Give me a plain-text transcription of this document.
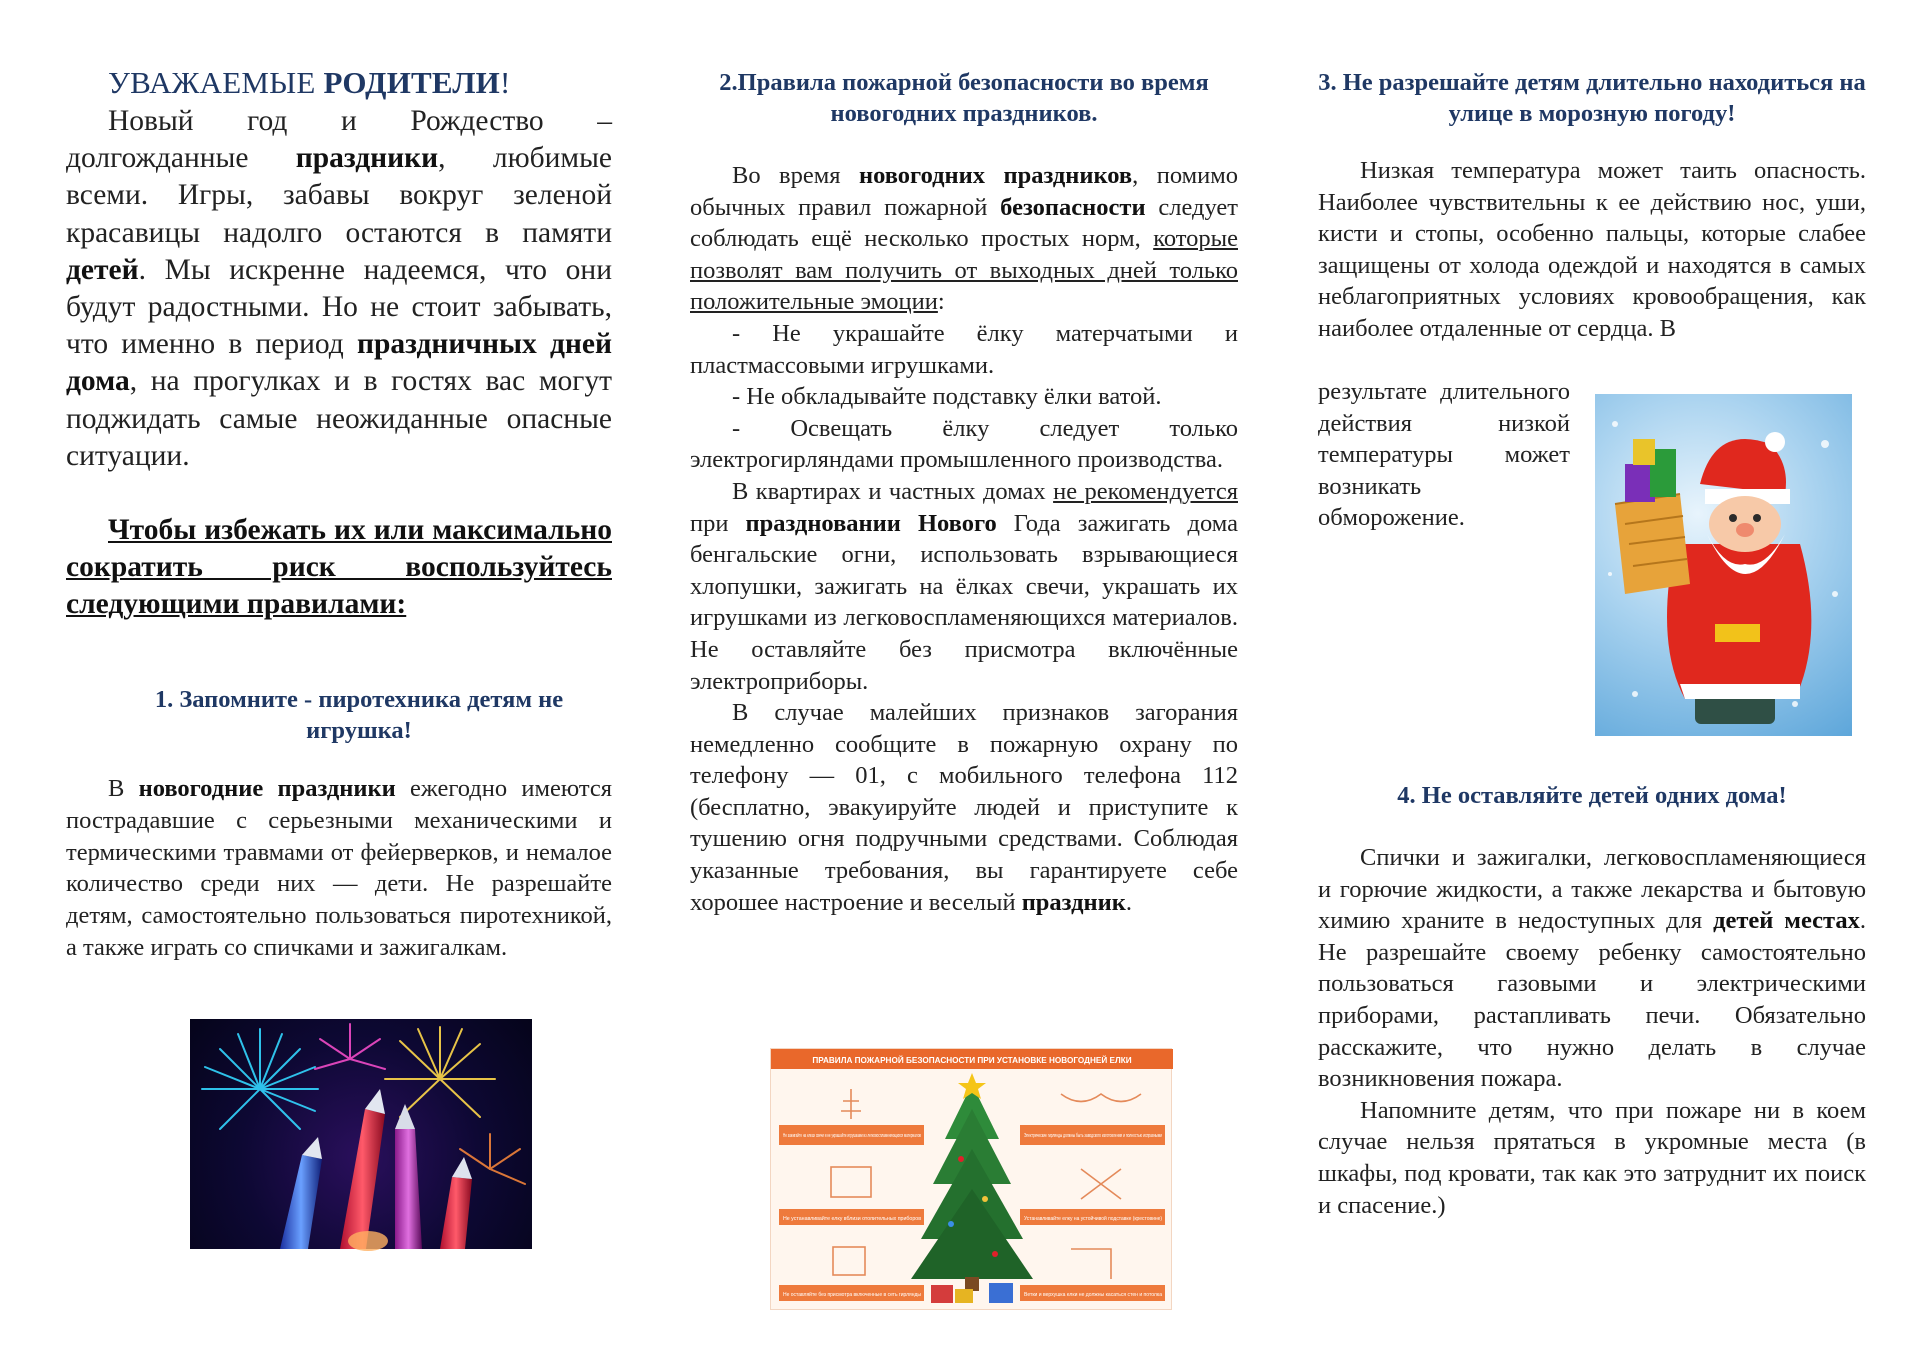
УВАЖАЕМЫЕ РОДИТЕЛИ!

Новый год и Рождество – долгожданные праздники, любимые всеми. Игры, забавы вокруг зеленой красавицы надолго остаются в памяти детей. Мы искренне надеемся, что они будут радостными. Но не стоит забывать, что именно в период праздничных дней дома, на прогулках и в гостях вас могут поджидать самые неожиданные опасные ситуации.

Чтобы избежать их или максимально сократить риск воспользуйтесь следующими правилами:

1. Запомните - пиротехника детям не игрушка!

В новогодние праздники ежегодно имеются пострадавшие с серьезными механическими и термическими травмами от фейерверков, и немалое количество среди них — дети. Не разрешайте детям, самостоятельно пользоваться пиротехникой, а также играть со спичками и зажигалкам.

2.Правила пожарной безопасности во время новогодних праздников.

Во время новогодних праздников, помимо обычных правил пожарной безопасности следует соблюдать ещё несколько простых норм, которые позволят вам получить от выходных дней только положительные эмоции:

- Не украшайте ёлку матерчатыми и пластмассовыми игрушками.

- Не обкладывайте подставку ёлки ватой.

- Освещать ёлку следует только электрогирляндами промышленного производства.

В квартирах и частных домах не рекомендуется при праздновании Нового Года зажигать дома бенгальские огни, использовать взрывающиеся хлопушки, зажигать на ёлках свечи, украшать их игрушками из легковоспламеняющихся материалов. Не оставляйте без присмотра включённые электроприборы.

В случае малейших признаков загорания немедленно сообщите в пожарную охрану по телефону — 01, с мобильного телефона 112 (бесплатно, эвакуируйте людей и приступите к тушению огня подручными средствами. Соблюдая указанные требования, вы гарантируете себе хорошее настроение и веселый праздник.

ПРАВИЛА ПОЖАРНОЙ БЕЗОПАСНОСТИ ПРИ УСТАНОВКЕ НОВОГОДНЕЙ ЕЛКИ
Не зажигайте на елках свечи и не украшайте игрушками из легковоспламеняющихся материалов
Не устанавливайте елку вблизи отопительных приборов
Не оставляйте без присмотра включенные в сеть гирлянды
Электрические гирлянды должны быть заводского изготовления и полностью исправными
Устанавливайте елку на устойчивой подставке (крестовине)
Ветки и верхушка елки не должны касаться стен и потолка
3. Не разрешайте детям длительно находиться на улице в морозную погоду!

Низкая температура может таить опасность. Наиболее чувствительны к ее действию нос, уши, кисти и стопы, особенно пальцы, которые слабее защищены от холода одеждой и находятся в самых неблагоприятных условиях кровообращения, как наиболее отдаленные от сердца. В

результате длительного действия низкой температуры может возникать обморожение.

4. Не оставляйте детей одних дома!

Спички и зажигалки, легковоспламеняющиеся и горючие жидкости, а также лекарства и бытовую химию храните в недоступных для детей местах. Не разрешайте своему ребенку самостоятельно пользоваться газовыми и электрическими приборами, растапливать печи. Обязательно расскажите, что нужно делать в случае возникновения пожара.

Напомните детям, что при пожаре ни в коем случае нельзя прятаться в укромные места (в шкафы, под кровати, так как это затруднит их поиск и спасение.)
